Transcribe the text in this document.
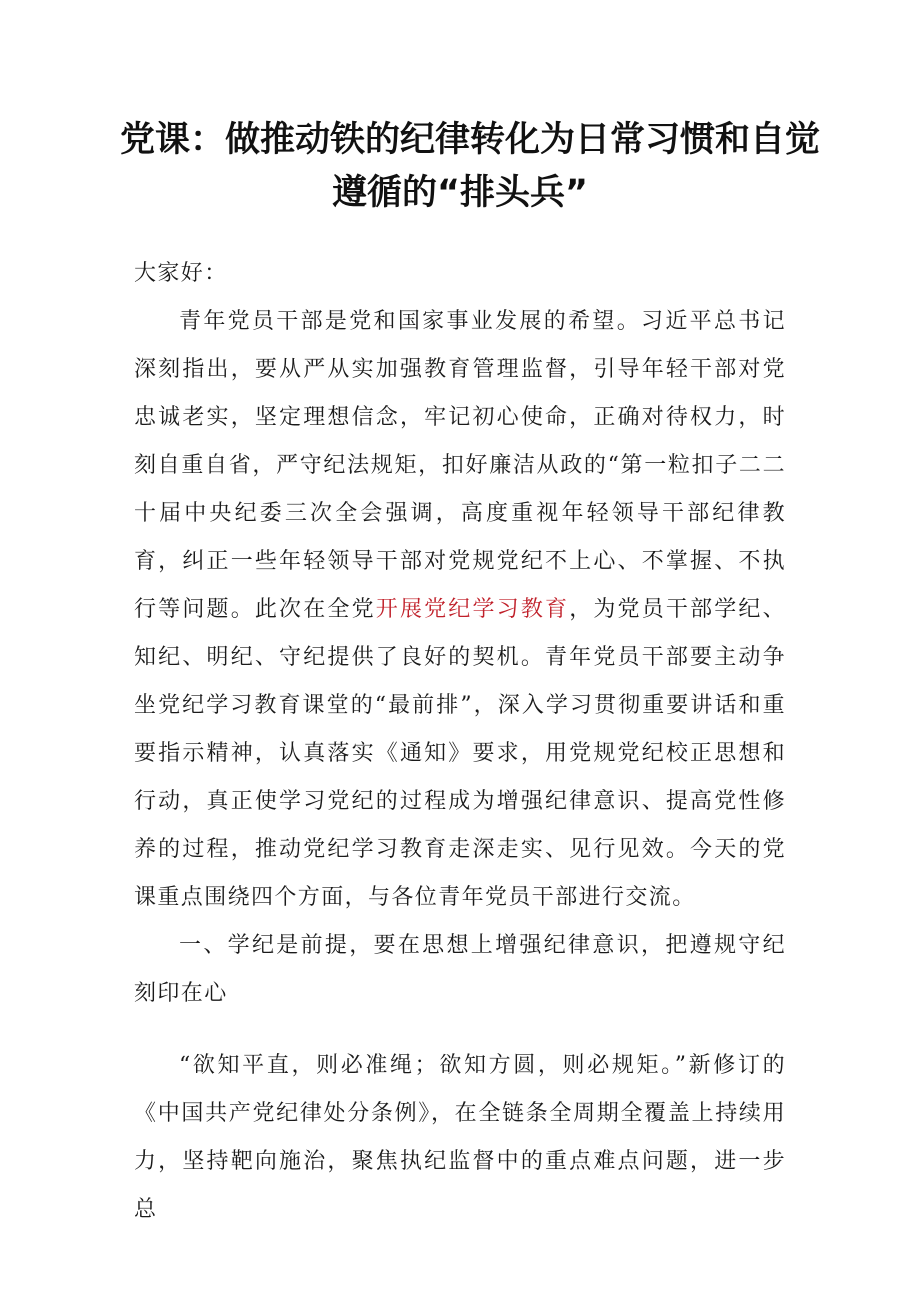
党课：做推动铁的纪律转化为日常习惯和自觉
遵循的“排头兵”

大家好：

青年党员干部是党和国家事业发展的希望。习近平总书记深刻指出，要从严从实加强教育管理监督，引导年轻干部对党忠诚老实，坚定理想信念，牢记初心使命，正确对待权力，时刻自重自省，严守纪法规矩，扣好廉洁从政的“第一粒扣子二二十届中央纪委三次全会强调，高度重视年轻领导干部纪律教育，纠正一些年轻领导干部对党规党纪不上心、不掌握、不执行等问题。此次在全党开展党纪学习教育，为党员干部学纪、知纪、明纪、守纪提供了良好的契机。青年党员干部要主动争坐党纪学习教育课堂的“最前排”，深入学习贯彻重要讲话和重要指示精神，认真落实《通知》要求，用党规党纪校正思想和行动，真正使学习党纪的过程成为增强纪律意识、提高党性修养的过程，推动党纪学习教育走深走实、见行见效。今天的党课重点围绕四个方面，与各位青年党员干部进行交流。

一、学纪是前提，要在思想上增强纪律意识，把遵规守纪刻印在心

“欲知平直，则必准绳；欲知方圆，则必规矩。”新修订的《中国共产党纪律处分条例》，在全链条全周期全覆盖上持续用力，坚持靶向施治，聚焦执纪监督中的重点难点问题，进一步总
